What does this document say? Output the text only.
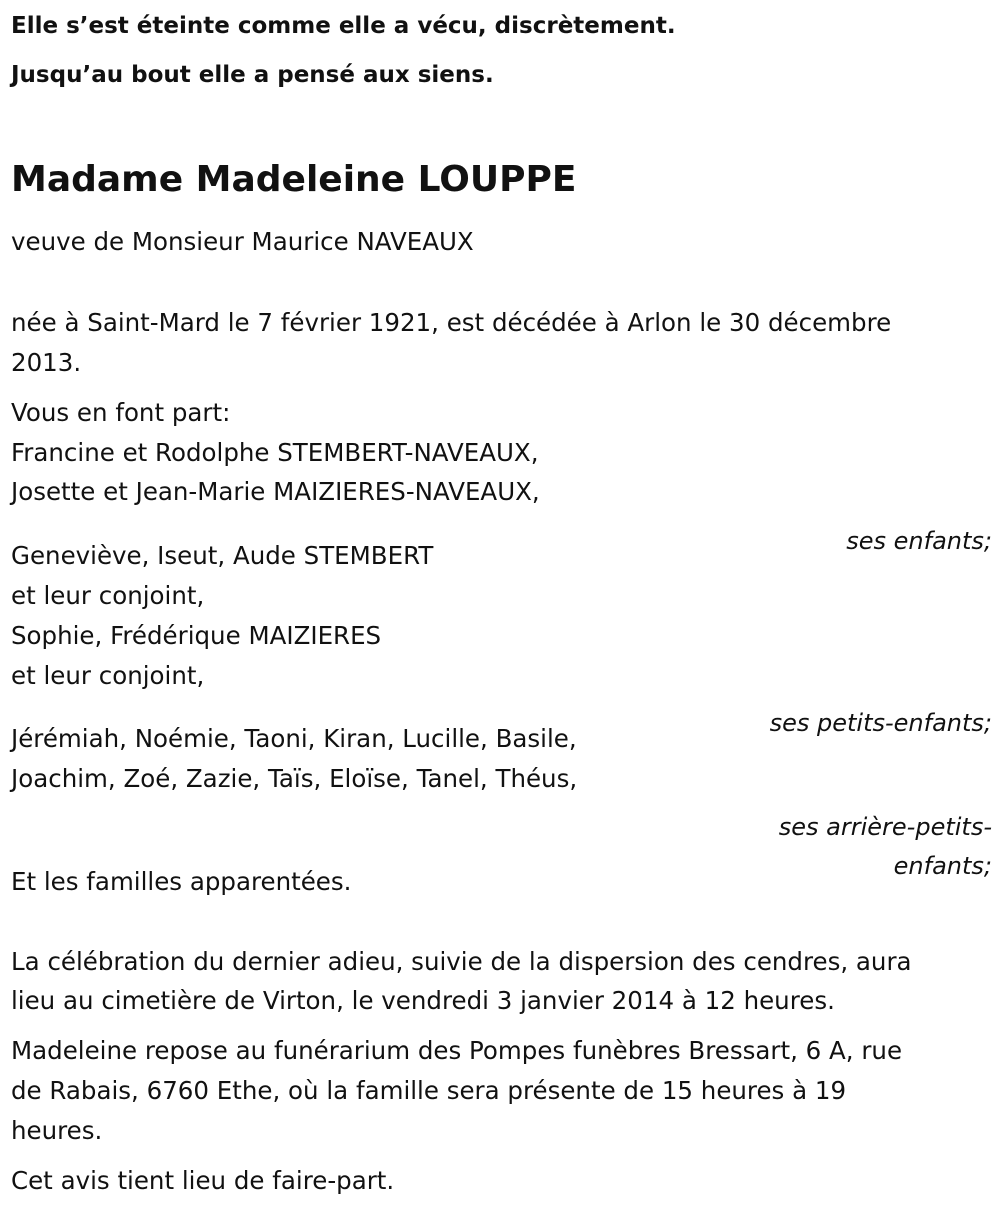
Elle s’est éteinte comme elle a vécu, discrètement.

Jusqu’au bout elle a pensé aux siens.

Madame Madeleine LOUPPE

veuve de Monsieur Maurice NAVEAUX

née à Saint-Mard le 7 février 1921, est décédée à Arlon le 30 décembre

2013.

Vous en font part:

Francine et Rodolphe STEMBERT-NAVEAUX,

Josette et Jean-Marie MAIZIERES-NAVEAUX,

ses enfants;

Geneviève, Iseut, Aude STEMBERT

et leur conjoint,

Sophie, Frédérique MAIZIERES

et leur conjoint,

ses petits-enfants;

Jérémiah, Noémie, Taoni, Kiran, Lucille, Basile,

Joachim, Zoé, Zazie, Taïs, Eloïse, Tanel, Théus,

ses arrière-petits-

enfants;

Et les familles apparentées.

La célébration du dernier adieu, suivie de la dispersion des cendres, aura

lieu au cimetière de Virton, le vendredi 3 janvier 2014 à 12 heures.

Madeleine repose au funérarium des Pompes funèbres Bressart, 6 A, rue

de Rabais, 6760 Ethe, où la famille sera présente de 15 heures à 19

heures.

Cet avis tient lieu de faire-part.
